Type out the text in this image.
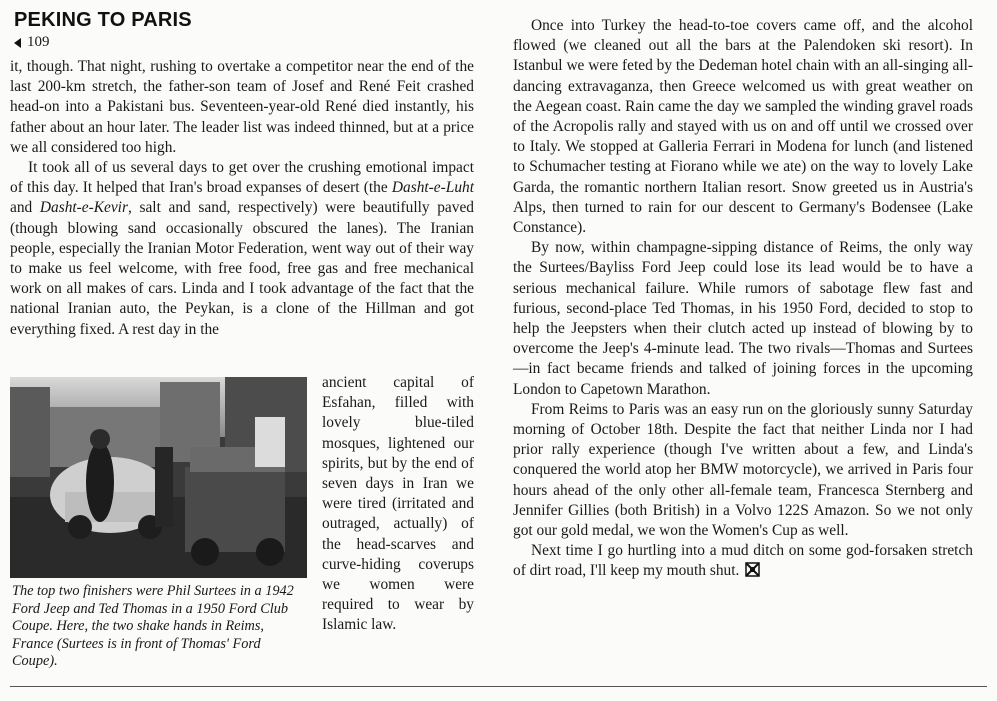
PEKING TO PARIS
109

it, though. That night, rushing to overtake a competitor near the end of the last 200-km stretch, the father-son team of Josef and René Feit crashed head-on into a Pakistani bus. Seventeen-year-old René died instantly, his father about an hour later. The leader list was indeed thinned, but at a price we all considered too high.

It took all of us several days to get over the crushing emotional impact of this day. It helped that Iran's broad expanses of desert (the Dasht-e-Luht and Dasht-e-Kevir, salt and sand, respectively) were beautifully paved (though blowing sand occasionally obscured the lanes). The Iranian people, especially the Iranian Motor Federation, went way out of their way to make us feel welcome, with free food, free gas and free mechanical work on all makes of cars. Linda and I took advantage of the fact that the national Iranian auto, the Peykan, is a clone of the Hillman and got everything fixed. A rest day in the

ancient capital of Esfahan, filled with lovely blue-tiled mosques, lightened our spirits, but by the end of seven days in Iran we were tired (irritated and outraged, actually) of the head-scarves and curve-hiding coverups we women were required to wear by Islamic law.
The top two finishers were Phil Surtees in a 1942 Ford Jeep and Ted Thomas in a 1950 Ford Club Coupe. Here, the two shake hands in Reims, France (Surtees is in front of Thomas' Ford Coupe).

Once into Turkey the head-to-toe covers came off, and the alcohol flowed (we cleaned out all the bars at the Palendoken ski resort). In Istanbul we were feted by the Dedeman hotel chain with an all-singing all-dancing extravaganza, then Greece welcomed us with great weather on the Aegean coast. Rain came the day we sampled the winding gravel roads of the Acropolis rally and stayed with us on and off until we crossed over to Italy. We stopped at Galleria Ferrari in Modena for lunch (and listened to Schumacher testing at Fiorano while we ate) on the way to lovely Lake Garda, the romantic northern Italian resort. Snow greeted us in Austria's Alps, then turned to rain for our descent to Germany's Bodensee (Lake Constance).

By now, within champagne-sipping distance of Reims, the only way the Surtees/Bayliss Ford Jeep could lose its lead would be to have a serious mechanical failure. While rumors of sabotage flew fast and furious, second-place Ted Thomas, in his 1950 Ford, decided to stop to help the Jeepsters when their clutch acted up instead of blowing by to overcome the Jeep's 4-minute lead. The two rivals—Thomas and Surtees—in fact became friends and talked of joining forces in the upcoming London to Capetown Marathon.

From Reims to Paris was an easy run on the gloriously sunny Saturday morning of October 18th. Despite the fact that neither Linda nor I had prior rally experience (though I've written about a few, and Linda's conquered the world atop her BMW motorcycle), we arrived in Paris four hours ahead of the only other all-female team, Francesca Sternberg and Jennifer Gillies (both British) in a Volvo 122S Amazon. So we not only got our gold medal, we won the Women's Cup as well.

Next time I go hurtling into a mud ditch on some god-forsaken stretch of dirt road, I'll keep my mouth shut.
